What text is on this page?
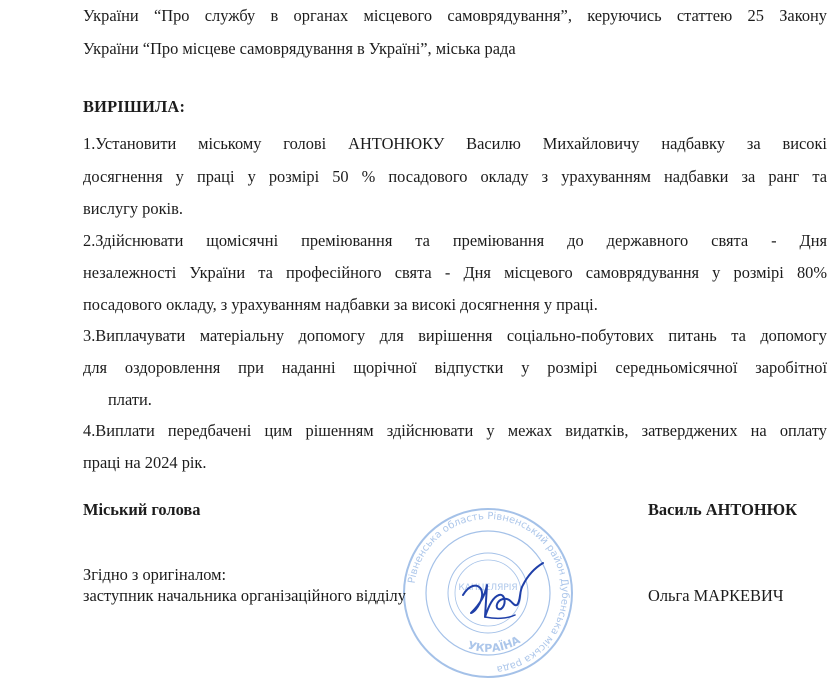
України “Про службу в органах місцевого самоврядування”, керуючись статтею 25 Закону
України “Про місцеве самоврядування в Україні”, міська рада
ВИРІШИЛА:
1.Установити міському голові АНТОНЮКУ Василю Михайловичу надбавку за високі
досягнення у праці у розмірі 50 % посадового окладу з урахуванням надбавки за ранг та
вислугу років.
2.Здійснювати щомісячні преміювання та преміювання до державного свята - Дня
незалежності України та професійного свята - Дня місцевого самоврядування у розмірі 80%
посадового окладу, з урахуванням надбавки за високі досягнення у праці.
3.Виплачувати матеріальну допомогу для вирішення соціально-побутових питань та допомогу
для оздоровлення при наданні щорічної відпустки у розмірі середньомісячної заробітної
плати.
4.Виплати передбачені цим рішенням здійснювати у межах видатків, затверджених на оплату
праці на 2024 рік.
Міський голова	Василь АНТОНЮК
Рівненська область Рівненський район Дубенська міська рада
УКРАЇНА
КАНЦЕЛЯРІЯ
Згідно з оригіналом:
заступник начальника організаційного відділу	Ольга МАРКЕВИЧ
